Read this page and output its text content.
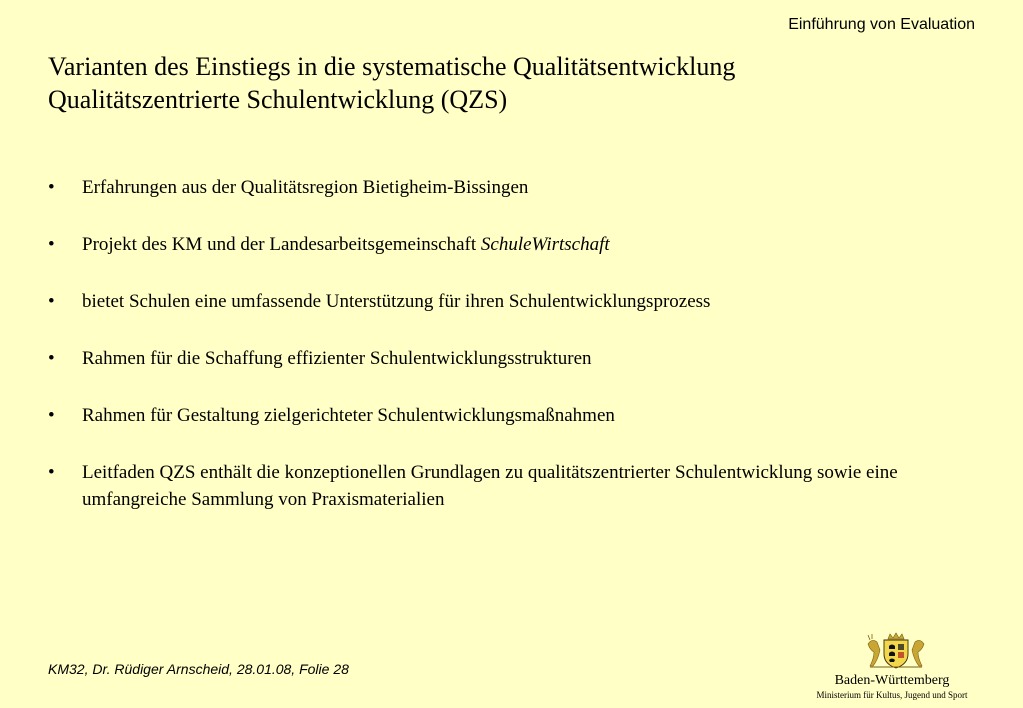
Einführung von Evaluation
Varianten des Einstiegs in die systematische Qualitätsentwicklung
Qualitätszentrierte Schulentwicklung (QZS)
• Erfahrungen aus der Qualitätsregion Bietigheim-Bissingen
• Projekt des KM und der Landesarbeitsgemeinschaft SchuleWirtschaft
• bietet Schulen eine umfassende Unterstützung für ihren Schulentwicklungsprozess
• Rahmen für die Schaffung effizienter Schulentwicklungsstrukturen
• Rahmen für Gestaltung zielgerichteter Schulentwicklungsmaßnahmen
• Leitfaden QZS enthält die konzeptionellen Grundlagen zu qualitätszentrierter Schulentwicklung sowie eine umfangreiche Sammlung von Praxismaterialien
KM32, Dr. Rüdiger Arnscheid, 28.01.08, Folie 28
Baden-Württemberg
Ministerium für Kultus, Jugend und Sport
